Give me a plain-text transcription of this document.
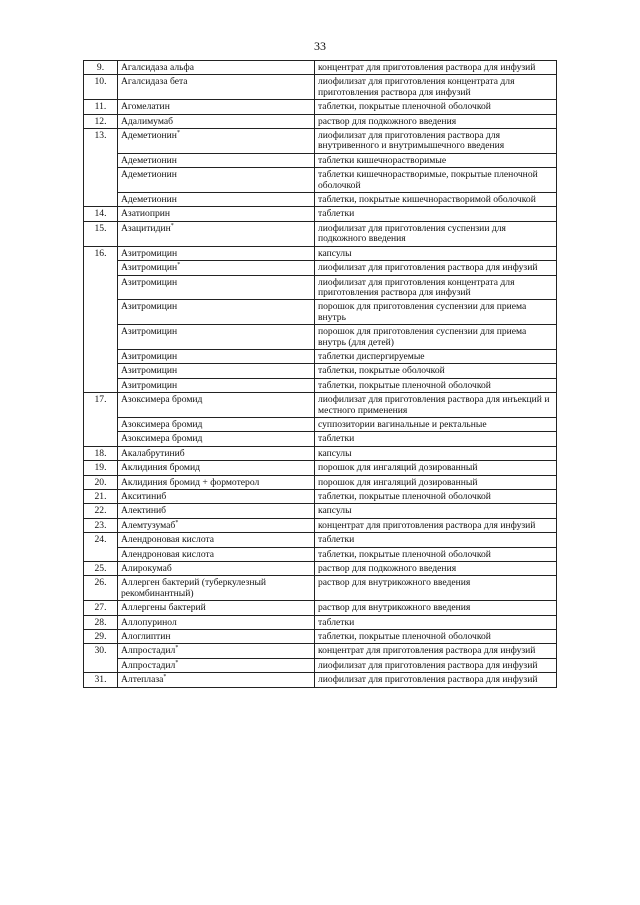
33
9.	Агалсидаза альфа	концентрат для приготовления раствора для инфузий
10.	Агалсидаза бета	лиофилизат для приготовления концентрата для приготовления раствора для инфузий
11.	Агомелатин	таблетки, покрытые пленочной оболочкой
12.	Адалимумаб	раствор для подкожного введения
13.	Адеметионин*	лиофилизат для приготовления раствора для внутривенного и внутримышечного введения
	Адеметионин	таблетки кишечнорастворимые
	Адеметионин	таблетки кишечнорастворимые, покрытые пленочной оболочкой
	Адеметионин	таблетки, покрытые кишечнорастворимой оболочкой
14.	Азатиоприн	таблетки
15.	Азацитидин*	лиофилизат для приготовления суспензии для подкожного введения
16.	Азитромицин	капсулы
	Азитромицин*	лиофилизат для приготовления раствора для инфузий
	Азитромицин	лиофилизат для приготовления концентрата для приготовления раствора для инфузий
	Азитромицин	порошок для приготовления суспензии для приема внутрь
	Азитромицин	порошок для приготовления суспензии для приема внутрь (для детей)
	Азитромицин	таблетки диспергируемые
	Азитромицин	таблетки, покрытые оболочкой
	Азитромицин	таблетки, покрытые пленочной оболочкой
17.	Азоксимера бромид	лиофилизат для приготовления раствора для инъекций и местного применения
	Азоксимера бромид	суппозитории вагинальные и ректальные
	Азоксимера бромид	таблетки
18.	Акалабрутиниб	капсулы
19.	Аклидиния бромид	порошок для ингаляций дозированный
20.	Аклидиния бромид + формотерол	порошок для ингаляций дозированный
21.	Акситиниб	таблетки, покрытые пленочной оболочкой
22.	Алектиниб	капсулы
23.	Алемтузумаб*	концентрат для приготовления раствора для инфузий
24.	Алендроновая кислота	таблетки
	Алендроновая кислота	таблетки, покрытые пленочной оболочкой
25.	Алирокумаб	раствор для подкожного введения
26.	Аллерген бактерий (туберкулезный рекомбинантный)	раствор для внутрикожного введения
27.	Аллергены бактерий	раствор для внутрикожного введения
28.	Аллопуринол	таблетки
29.	Алоглиптин	таблетки, покрытые пленочной оболочкой
30.	Алпростадил*	концентрат для приготовления раствора для инфузий
	Алпростадил*	лиофилизат для приготовления раствора для инфузий
31.	Алтеплаза*	лиофилизат для приготовления раствора для инфузий
